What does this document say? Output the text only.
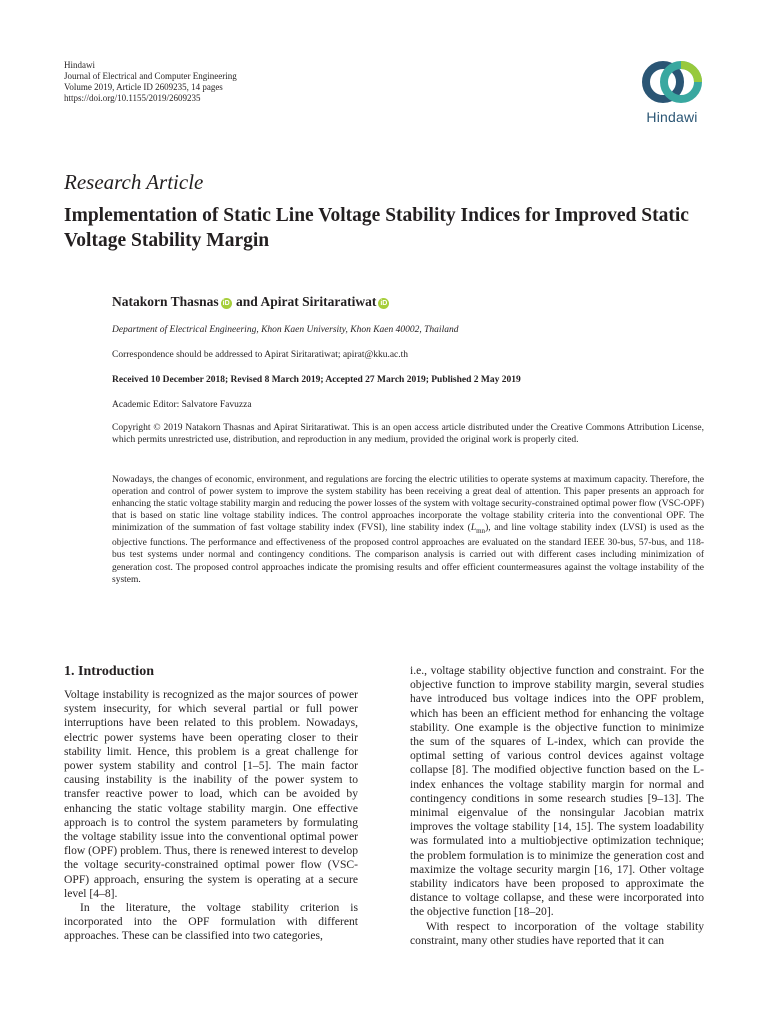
Hindawi
Journal of Electrical and Computer Engineering
Volume 2019, Article ID 2609235, 14 pages
https://doi.org/10.1155/2019/2609235
Hindawi
Research Article
Implementation of Static Line Voltage Stability Indices for Improved Static Voltage Stability Margin
Natakorn Thasnas iD and Apirat Siritaratiwat iD
Department of Electrical Engineering, Khon Kaen University, Khon Kaen 40002, Thailand
Correspondence should be addressed to Apirat Siritaratiwat; apirat@kku.ac.th
Received 10 December 2018; Revised 8 March 2019; Accepted 27 March 2019; Published 2 May 2019
Academic Editor: Salvatore Favuzza
Copyright © 2019 Natakorn Thasnas and Apirat Siritaratiwat. This is an open access article distributed under the Creative Commons Attribution License, which permits unrestricted use, distribution, and reproduction in any medium, provided the original work is properly cited.

Nowadays, the changes of economic, environment, and regulations are forcing the electric utilities to operate systems at maximum capacity. Therefore, the operation and control of power system to improve the system stability has been receiving a great deal of attention. This paper presents an approach for enhancing the static voltage stability margin and reducing the power losses of the system with voltage security-constrained optimal power flow (VSC-OPF) that is based on static line voltage stability indices. The control approaches incorporate the voltage stability criteria into the conventional OPF. The minimization of the summation of fast voltage stability index (FVSI), line stability index $(L_{mn})$, and line voltage stability index (LVSI) is used as the objective functions. The performance and effectiveness of the proposed control approaches are evaluated on the standard IEEE 30-bus, 57-bus, and 118-bus test systems under normal and contingency conditions. The comparison analysis is carried out with different cases including minimization of generation cost. The proposed control approaches indicate the promising results and offer efficient countermeasures against the voltage instability of the system.

1. Introduction

Voltage instability is recognized as the major sources of power system insecurity, for which several partial or full power interruptions have been related to this problem. Nowadays, electric power systems have been operating closer to their stability limit. Hence, this problem is a great challenge for power system stability and control [1–5]. The main factor causing instability is the inability of the power system to transfer reactive power to load, which can be avoided by enhancing the static voltage stability margin. One effective approach is to control the system parameters by formulating the voltage stability issue into the conventional optimal power flow (OPF) problem. Thus, there is renewed interest to develop the voltage security-constrained optimal power flow (VSC-OPF) approach, ensuring the system is operating at a secure level [4–8].

In the literature, the voltage stability criterion is incorporated into the OPF formulation with different approaches. These can be classified into two categories,

i.e., voltage stability objective function and constraint. For the objective function to improve stability margin, several studies have introduced bus voltage indices into the OPF problem, which has been an efficient method for enhancing the voltage stability. One example is the objective function to minimize the sum of the squares of L-index, which can provide the optimal setting of various control devices against voltage collapse [8]. The modified objective function based on the L-index enhances the voltage stability margin for normal and contingency conditions in some research studies [9–13]. The minimal eigenvalue of the nonsingular Jacobian matrix improves the voltage stability [14, 15]. The system loadability was formulated into a multiobjective optimization technique; the problem formulation is to minimize the generation cost and maximize the voltage security margin [16, 17]. Other voltage stability indicators have been proposed to approximate the distance to voltage collapse, and these were incorporated into the objective function [18–20].

With respect to incorporation of the voltage stability constraint, many other studies have reported that it can
